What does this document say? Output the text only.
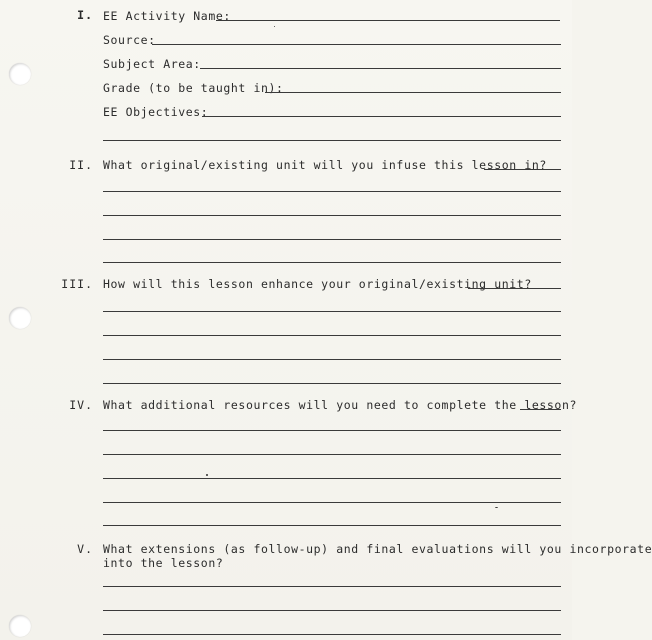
I. EE Activity Name:
Source:
Subject Area:
Grade (to be taught in):
EE Objectives:
II. What original/existing unit will you infuse this lesson in?
III. How will this lesson enhance your original/existing unit?
IV. What additional resources will you need to complete the lesson?
V. What extensions (as follow-up) and final evaluations will you incorporate
into the lesson?
